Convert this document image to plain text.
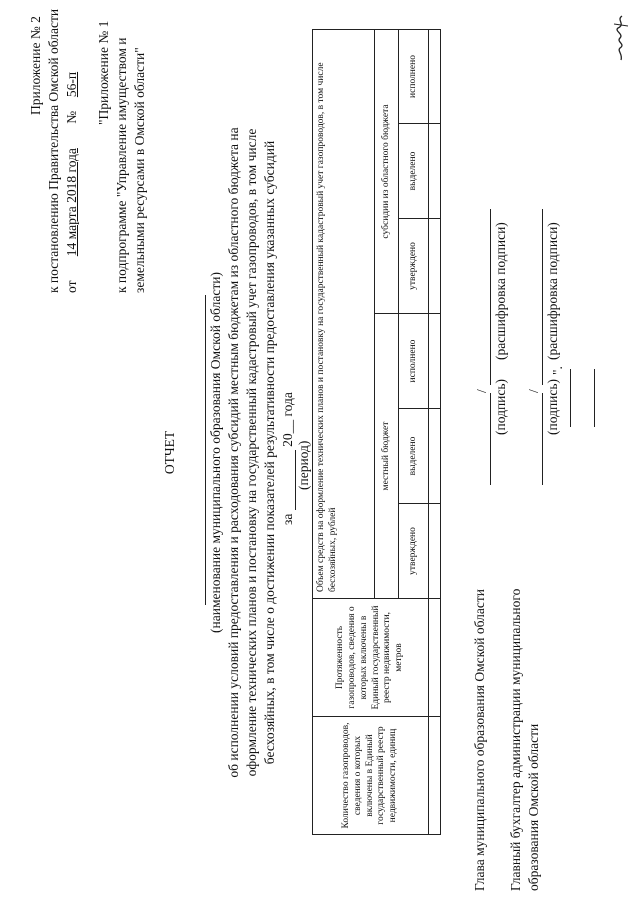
Приложение № 2 к постановлению Правительства Омской области от 14 марта 2018 года № 56-п "Приложение № 1 к подпрограмме "Управление имуществом и земельными ресурсами в Омской области"
ОТЧЕТ (наименование муниципального образования Омской области) об исполнении условий предоставления и расходования субсидий местным бюджетам из областного бюджета на оформление технических планов и постановку на государственный кадастровый учет газопроводов, в том числе бесхозяйных, в том числе о достижении показателей результативности предоставления указанных субсидий за  20__ года
(период)
Количество газопроводов, сведения о которых включены в Единый государственный реестр недвижимости, единиц	Протяженность газопроводов, сведения о которых включены в Единый государственный реестр недвижимости, метров	Объем средств на оформление технических планов и постановку на государственный кадастровый учет газопроводов, в том числе бесхозяйных, рублей					
		местный бюджет			субсидии из областного бюджета		
		утверждено	выделено	исполнено	утверждено	выделено	исполнено

Глава муниципального образования Омской области
/ (подпись)
(расшифровка подписи)
Главный бухгалтер администрации муниципального образования Омской области
/ (подпись)
(расшифровка подписи)
".
